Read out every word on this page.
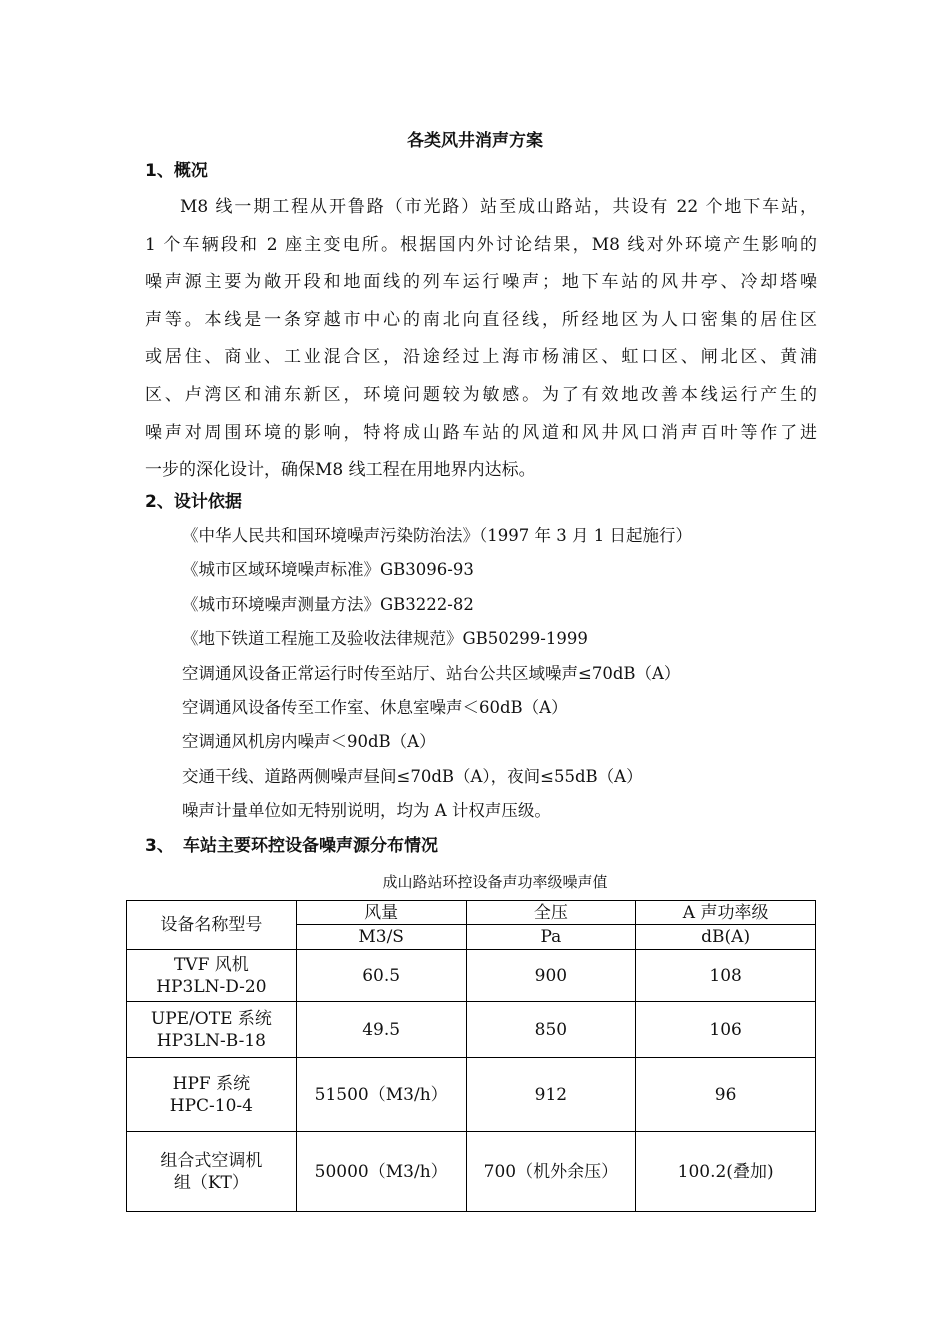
各类风井消声方案
1、概况
M8 线一期工程从开鲁路（市光路）站至成山路站，共设有 22 个地下车站，
1 个车辆段和 2 座主变电所。根据国内外讨论结果，M8 线对外环境产生影响的
噪声源主要为敞开段和地面线的列车运行噪声；地下车站的风井亭、冷却塔噪
声等。本线是一条穿越市中心的南北向直径线，所经地区为人口密集的居住区
或居住、商业、工业混合区，沿途经过上海市杨浦区、虹口区、闸北区、黄浦
区、卢湾区和浦东新区，环境问题较为敏感。为了有效地改善本线运行产生的
噪声对周围环境的影响，特将成山路车站的风道和风井风口消声百叶等作了进
一步的深化设计，确保M8 线工程在用地界内达标。
2、设计依据
《中华人民共和国环境噪声污染防治法》（1997 年 3 月 1 日起施行）
《城市区域环境噪声标准》GB3096-93
《城市环境噪声测量方法》GB3222-82
《地下铁道工程施工及验收法律规范》GB50299-1999
空调通风设备正常运行时传至站厅、站台公共区域噪声≤70dB（A）
空调通风设备传至工作室、休息室噪声＜60dB（A）
空调通风机房内噪声＜90dB（A）
交通干线、道路两侧噪声昼间≤70dB（A），夜间≤55dB（A）
噪声计量单位如无特别说明，均为 A 计权声压级。
3、 车站主要环控设备噪声源分布情况
成山路站环控设备声功率级噪声值
设备名称型号	风量	全压	A 声功率级
	M3/S	Pa	dB(A)

TVF 风机
HP3LN-D-20	60.5	900	108

UPE/OTE 系统
HP3LN-B-18	49.5	850	106

HPF 系统
HPC-10-4	51500（M3/h）	912	96

组合式空调机
组（KT）	50000（M3/h）	700（机外余压）	100.2(叠加)
